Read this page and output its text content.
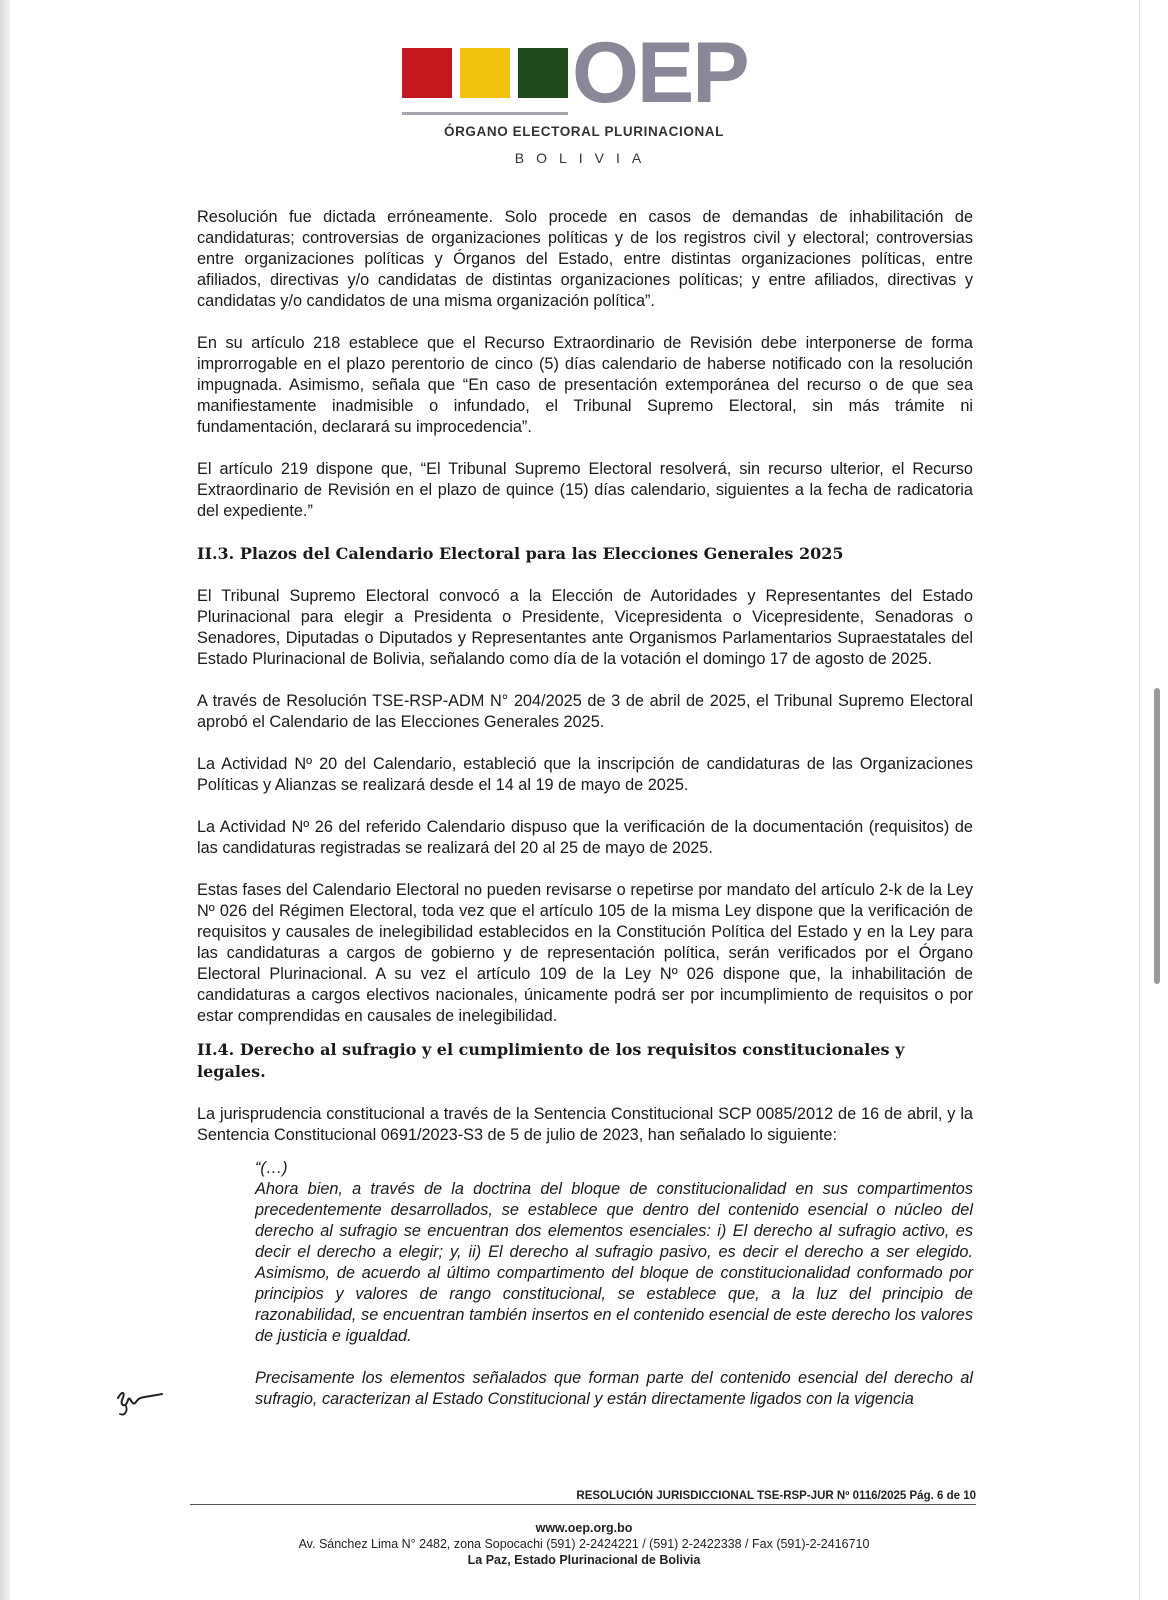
OEP
ÓRGANO ELECTORAL PLURINACIONAL
BOLIVIA

Resolución fue dictada erróneamente. Solo procede en casos de demandas de inhabilitación de candidaturas; controversias de organizaciones políticas y de los registros civil y electoral; controversias entre organizaciones políticas y Órganos del Estado, entre distintas organizaciones políticas, entre afiliados, directivas y/o candidatas de distintas organizaciones políticas; y entre afiliados, directivas y candidatas y/o candidatos de una misma organización política”.

En su artículo 218 establece que el Recurso Extraordinario de Revisión debe interponerse de forma improrrogable en el plazo perentorio de cinco (5) días calendario de haberse notificado con la resolución impugnada. Asimismo, señala que “En caso de presentación extemporánea del recurso o de que sea manifiestamente inadmisible o infundado, el Tribunal Supremo Electoral, sin más trámite ni fundamentación, declarará su improcedencia”.

El artículo 219 dispone que, “El Tribunal Supremo Electoral resolverá, sin recurso ulterior, el Recurso Extraordinario de Revisión en el plazo de quince (15) días calendario, siguientes a la fecha de radicatoria del expediente.”

II.3. Plazos del Calendario Electoral para las Elecciones Generales 2025

El Tribunal Supremo Electoral convocó a la Elección de Autoridades y Representantes del Estado Plurinacional para elegir a Presidenta o Presidente, Vicepresidenta o Vicepresidente, Senadoras o Senadores, Diputadas o Diputados y Representantes ante Organismos Parlamentarios Supraestatales del Estado Plurinacional de Bolivia, señalando como día de la votación el domingo 17 de agosto de 2025.

A través de Resolución TSE-RSP-ADM N° 204/2025 de 3 de abril de 2025, el Tribunal Supremo Electoral aprobó el Calendario de las Elecciones Generales 2025.

La Actividad Nº 20 del Calendario, estableció que la inscripción de candidaturas de las Organizaciones Políticas y Alianzas se realizará desde el 14 al 19 de mayo de 2025.

La Actividad Nº 26 del referido Calendario dispuso que la verificación de la documentación (requisitos) de las candidaturas registradas se realizará del 20 al 25 de mayo de 2025.

Estas fases del Calendario Electoral no pueden revisarse o repetirse por mandato del artículo 2-k de la Ley Nº 026 del Régimen Electoral, toda vez que el artículo 105 de la misma Ley dispone que la verificación de requisitos y causales de inelegibilidad establecidos en la Constitución Política del Estado y en la Ley para las candidaturas a cargos de gobierno y de representación política, serán verificados por el Órgano Electoral Plurinacional. A su vez el artículo 109 de la Ley Nº 026 dispone que, la inhabilitación de candidaturas a cargos electivos nacionales, únicamente podrá ser por incumplimiento de requisitos o por estar comprendidas en causales de inelegibilidad.

II.4. Derecho al sufragio y el cumplimiento de los requisitos constitucionales y legales.

La jurisprudencia constitucional a través de la Sentencia Constitucional SCP 0085/2012 de 16 de abril, y la Sentencia Constitucional 0691/2023-S3 de 5 de julio de 2023, han señalado lo siguiente:

“(…)

Ahora bien, a través de la doctrina del bloque de constitucionalidad en sus compartimentos precedentemente desarrollados, se establece que dentro del contenido esencial o núcleo del derecho al sufragio se encuentran dos elementos esenciales: i) El derecho al sufragio activo, es decir el derecho a elegir; y, ii) El derecho al sufragio pasivo, es decir el derecho a ser elegido. Asimismo, de acuerdo al último compartimento del bloque de constitucionalidad conformado por principios y valores de rango constitucional, se establece que, a la luz del principio de razonabilidad, se encuentran también insertos en el contenido esencial de este derecho los valores de justicia e igualdad.

Precisamente los elementos señalados que forman parte del contenido esencial del derecho al sufragio, caracterizan al Estado Constitucional y están directamente ligados con la vigencia

RESOLUCIÓN JURISDICCIONAL TSE-RSP-JUR Nº 0116/2025 Pág. 6 de 10
www.oep.org.bo
Av. Sánchez Lima N° 2482, zona Sopocachi (591) 2-2424221 / (591) 2-2422338 / Fax (591)-2-2416710
La Paz, Estado Plurinacional de Bolivia
